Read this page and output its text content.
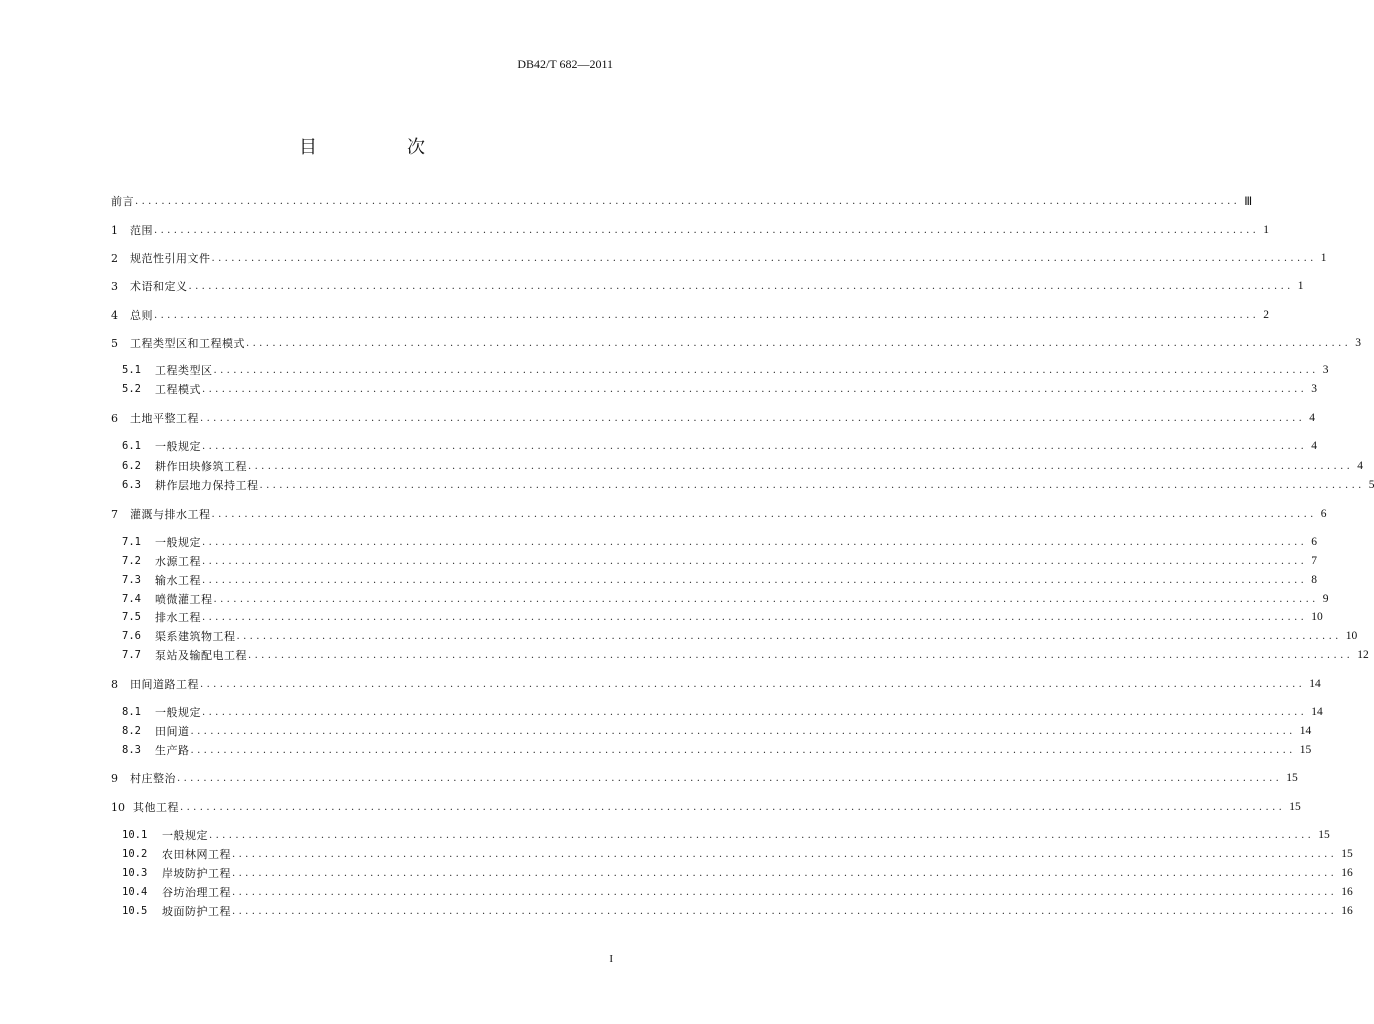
DB42/T 682—2011
目　次
前言 ........................................................................................................................................................................ Ⅲ
1	范围 ........................................................................................................................................................................ 1
2	规范性引用文件 ........................................................................................................................................................................ 1
3	术语和定义 ........................................................................................................................................................................ 1
4	总则 ........................................................................................................................................................................ 2
5	工程类型区和工程模式 ........................................................................................................................................................................ 3
5.1	工程类型区 ........................................................................................................................................................................ 3
5.2	工程模式 ........................................................................................................................................................................ 3
6	土地平整工程 ........................................................................................................................................................................ 4
6.1	一般规定 ........................................................................................................................................................................ 4
6.2	耕作田块修筑工程 ........................................................................................................................................................................ 4
6.3	耕作层地力保持工程 ........................................................................................................................................................................ 5
7	灌溉与排水工程 ........................................................................................................................................................................ 6
7.1	一般规定 ........................................................................................................................................................................ 6
7.2	水源工程 ........................................................................................................................................................................ 7
7.3	输水工程 ........................................................................................................................................................................ 8
7.4	喷微灌工程 ........................................................................................................................................................................ 9
7.5	排水工程 ........................................................................................................................................................................ 10
7.6	渠系建筑物工程 ........................................................................................................................................................................ 10
7.7	泵站及输配电工程 ........................................................................................................................................................................ 12
8	田间道路工程 ........................................................................................................................................................................ 14
8.1	一般规定 ........................................................................................................................................................................ 14
8.2	田间道 ........................................................................................................................................................................ 14
8.3	生产路 ........................................................................................................................................................................ 15
9	村庄整治 ........................................................................................................................................................................ 15
10 其他工程 ........................................................................................................................................................................ 15
10.1	一般规定 ........................................................................................................................................................................ 15
10.2	农田林网工程 ........................................................................................................................................................................ 15
10.3	岸坡防护工程 ........................................................................................................................................................................ 16
10.4	谷坊治理工程 ........................................................................................................................................................................ 16
10.5	坡面防护工程 ........................................................................................................................................................................ 16
I
